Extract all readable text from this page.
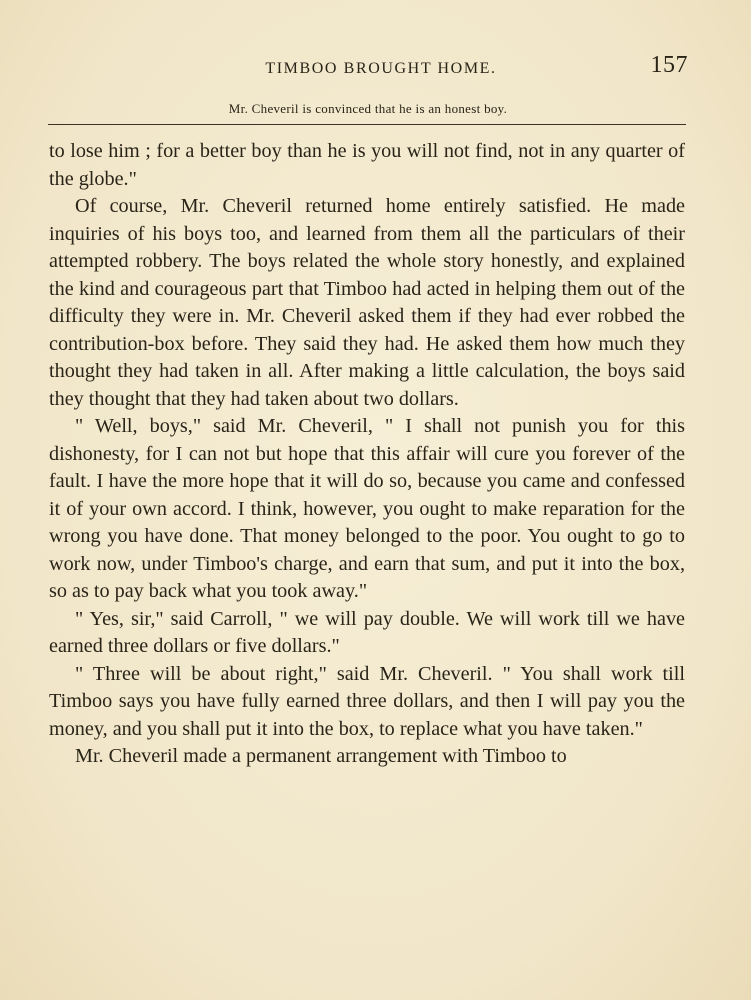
TIMBOO BROUGHT HOME.	157
Mr. Cheveril is convinced that he is an honest boy.

to lose him ; for a better boy than he is you will not find, not in any quarter of the globe."

Of course, Mr. Cheveril returned home entirely satisfied. He made inquiries of his boys too, and learned from them all the particulars of their attempted robbery. The boys related the whole story honestly, and explained the kind and courageous part that Timboo had acted in helping them out of the difficulty they were in. Mr. Cheveril asked them if they had ever robbed the contribution-box before. They said they had. He asked them how much they thought they had taken in all. After making a little calculation, the boys said they thought that they had taken about two dollars.

" Well, boys," said Mr. Cheveril, " I shall not punish you for this dishonesty, for I can not but hope that this affair will cure you forever of the fault. I have the more hope that it will do so, because you came and confessed it of your own accord. I think, however, you ought to make reparation for the wrong you have done. That money belonged to the poor. You ought to go to work now, under Timboo's charge, and earn that sum, and put it into the box, so as to pay back what you took away."

" Yes, sir," said Carroll, " we will pay double. We will work till we have earned three dollars or five dollars."

" Three will be about right," said Mr. Cheveril. " You shall work till Timboo says you have fully earned three dollars, and then I will pay you the money, and you shall put it into the box, to replace what you have taken."

Mr. Cheveril made a permanent arrangement with Timboo to
